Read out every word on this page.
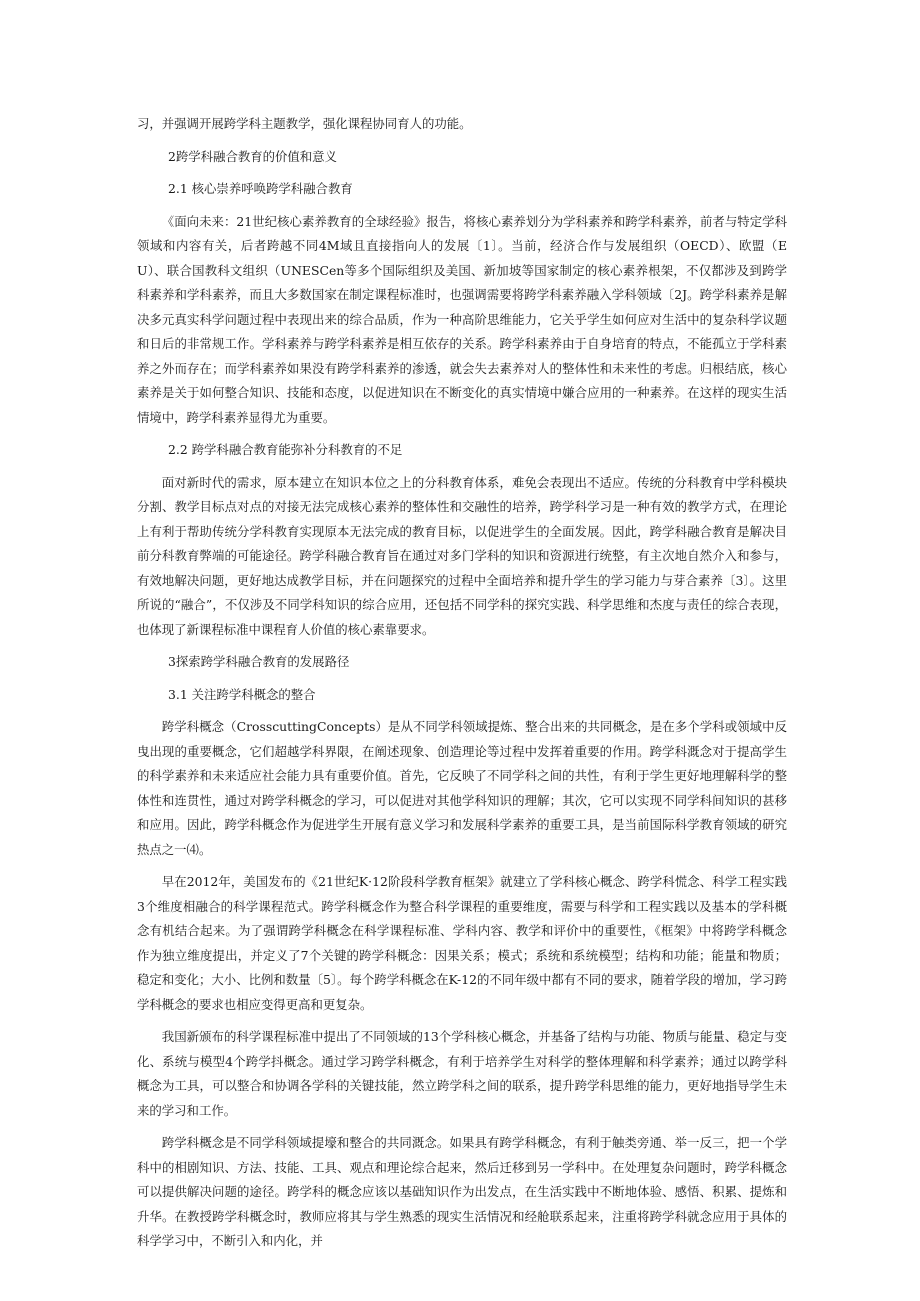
习，并强调开展跨学科主题教学，强化课程协同育人的功能。

2跨学科融合教育的价值和意义
2.1 核心崇养呼唤跨学科融合教育

《面向未来：21世纪核心素养教育的全球经验》报告，将核心素养划分为学科素养和跨学科素养，前者与特定学科领域和内容有关，后者跨越不同4M域且直接指向人的发展〔1〕。当前，经济合作与发展组织（OECD）、欧盟（EU）、联合国教科文组织（UNESCen等多个国际组织及美国、新加坡等国家制定的核心素养根架，不仅都涉及到跨学科素养和学科素养，而且大多数国家在制定课程标准时，也强调需要将跨学科素养融入学科领域〔2J。跨学科素养是解决多元真实科学问题过程中表现出来的综合品质，作为一种高阶思维能力，它关乎学生如何应对生活中的复杂科学议题和日后的非常规工作。学科素养与跨学科素养是相互依存的关系。跨学科素养由于自身培育的特点，不能孤立于学科素养之外而存在；而学科素养如果没有跨学科素养的渗透，就会失去素养对人的整体性和未来性的考虑。归根结底，核心素养是关于如何整合知识、技能和态度，以促进知识在不断变化的真实情境中嫌合应用的一种素养。在这样的现实生活情境中，跨学科素养显得尤为重要。

2.2 跨学科融合教育能弥补分科教育的不足

面对新时代的需求，原本建立在知识本位之上的分科教育体系，难免会表现出不适应。传统的分科教育中学科模块分割、教学目标点对点的对接无法完成核心素养的整体性和交融性的培养，跨学科学习是一种有效的教学方式，在理论上有利于帮助传统分学科教育实现原本无法完成的教育目标，以促进学生的全面发展。因此，跨学科融合教育是解决目前分科教育弊端的可能途径。跨学科融合教育旨在通过对多门学科的知识和资源进行统整，有主次地自然介入和参与，有效地解决问题，更好地达成教学目标，并在问题探究的过程中全面培养和提升学生的学习能力与芽合素养〔3〕。这里所说的“融合”，不仅涉及不同学科知识的综合应用，还包括不同学科的探究实践、科学思维和杰度与责任的综合表现，也体现了新课程标准中课程育人价值的核心素靠要求。

3探索跨学科融合教育的发展路径
3.1 关注跨学科概念的整合

跨学科概念（CrosscuttingConcepts）是从不同学科领域提炼、整合出来的共同概念，是在多个学科或领域中反曳出现的重要概念，它们超越学科界限，在阐述现象、创造理论等过程中发挥着重要的作用。跨学科溉念对于提高学生的科学素养和未来适应社会能力具有重要价值。首先，它反映了不同学科之间的共性，有利于学生更好地理解科学的整体性和连贯性，通过对跨学科概念的学习，可以促进对其他学科知识的理解；其次，它可以实现不同学科间知识的甚移和应用。因此，跨学科概念作为促进学生开展有意义学习和发展科学素养的重要工具，是当前国际科学教育领域的研究热点之一⑷。

早在2012年，美国发布的《21世纪K·12阶段科学教育框架》就建立了学科核心概念、跨学科慌念、科学工程实践3个维度相融合的科学课程范式。跨学科概念作为整合科学课程的重要维度，需要与科学和工程实践以及基本的学科概念有机结合起来。为了强谓跨学科概念在科学课程标准、学科内容、教学和评价中的重要性，《框架》中将跨学科概念作为独立维度提出，并定义了7个关键的跨学科概念：因果关系；模式；系统和系统模型；结构和功能；能量和物质；稳定和变化；大小、比例和数量〔5〕。每个跨学科概念在K-12的不同年级中都有不同的要求，随着学段的增加，学习跨学科概念的要求也相应变得更高和更复杂。

我国新颁布的科学课程标准中提出了不同领域的13个学科核心概念，并基备了结构与功能、物质与能量、稳定与变化、系统与模型4个跨学抖概念。通过学习跨学科概念，有利于培养学生对科学的整体理解和科学素养；通过以跨学科概念为工具，可以整合和协调各学科的关键技能，然立跨学科之间的联系，提升跨学科思维的能力，更好地指导学生未来的学习和工作。

跨学科概念是不同学科领域提壕和整合的共同溉念。如果具有跨学科概念，有利于触类旁通、举一反三，把一个学科中的相剧知识、方法、技能、工具、观点和理论综合起来，然后迁移到另一学科中。在处理复杂问题时，跨学科概念可以提供解决问题的途径。跨学科的概念应该以基础知识作为出发点，在生活实践中不断地体验、感悟、积累、提炼和升华。在教授跨学科概念时，教师应将其与学生熟悉的现实生活情况和经舱联系起来，注重将跨学科就念应用于具体的科学学习中，不断引入和内化，并
